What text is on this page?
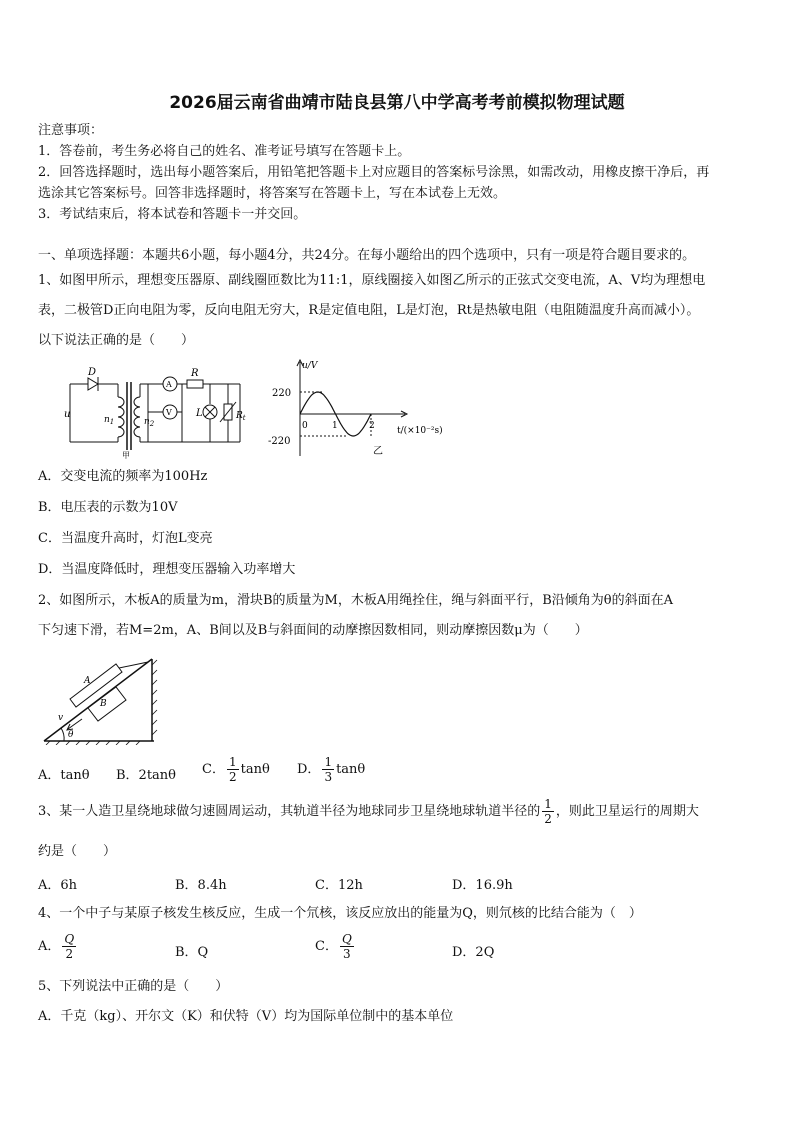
2026届云南省曲靖市陆良县第八中学高考考前模拟物理试题
注意事项：
1．答卷前，考生务必将自己的姓名、准考证号填写在答题卡上。
2．回答选择题时，选出每小题答案后，用铅笔把答题卡上对应题目的答案标号涂黑，如需改动，用橡皮擦干净后，再
选涂其它答案标号。回答非选择题时，将答案写在答题卡上，写在本试卷上无效。
3．考试结束后，将本试卷和答题卡一并交回。
一、单项选择题：本题共6小题，每小题4分，共24分。在每小题给出的四个选项中，只有一项是符合题目要求的。
1、如图甲所示，理想变压器原、副线圈匝数比为11:1，原线圈接入如图乙所示的正弦式交变电流，A、V均为理想电
表，二极管D正向电阻为零，反向电阻无穷大，R是定值电阻，L是灯泡，Rt是热敏电阻（电阻随温度升高而减小）。
以下说法正确的是（　　）
D
u	$n_1$	$n_2$
A
V
R
L	$R_t$
甲
u/V
220
-220
0	1	2 t/(×10⁻²s)
乙
A．交变电流的频率为100Hz
B．电压表的示数为10V
C．当温度升高时，灯泡L变亮
D．当温度降低时，理想变压器输入功率增大
2、如图所示，木板A的质量为m，滑块B的质量为M，木板A用绳拴住，绳与斜面平行，B沿倾角为θ的斜面在A
下匀速下滑，若M=2m，A、B间以及B与斜面间的动摩擦因数相同，则动摩擦因数μ为（　　）
A
B
v
θ
A．tanθ B．2tanθ C． $\frac{1}{2}$ tanθ D． $\frac{1}{3}$ tanθ
3、某一人造卫星绕地球做匀速圆周运动，其轨道半径为地球同步卫星绕地球轨道半径的 $\frac{1}{2}$ ，则此卫星运行的周期大
约是（　　）
A．6h	B．8.4h	C．12h	D．16.9h
4、一个中子与某原子核发生核反应，生成一个氘核，该反应放出的能量为Q，则氘核的比结合能为（　）
A． $\frac{Q}{2}$	B．Q	C． $\frac{Q}{3}$	D．2Q
5、下列说法中正确的是（　　）
A．千克（kg）、开尔文（K）和伏特（V）均为国际单位制中的基本单位
